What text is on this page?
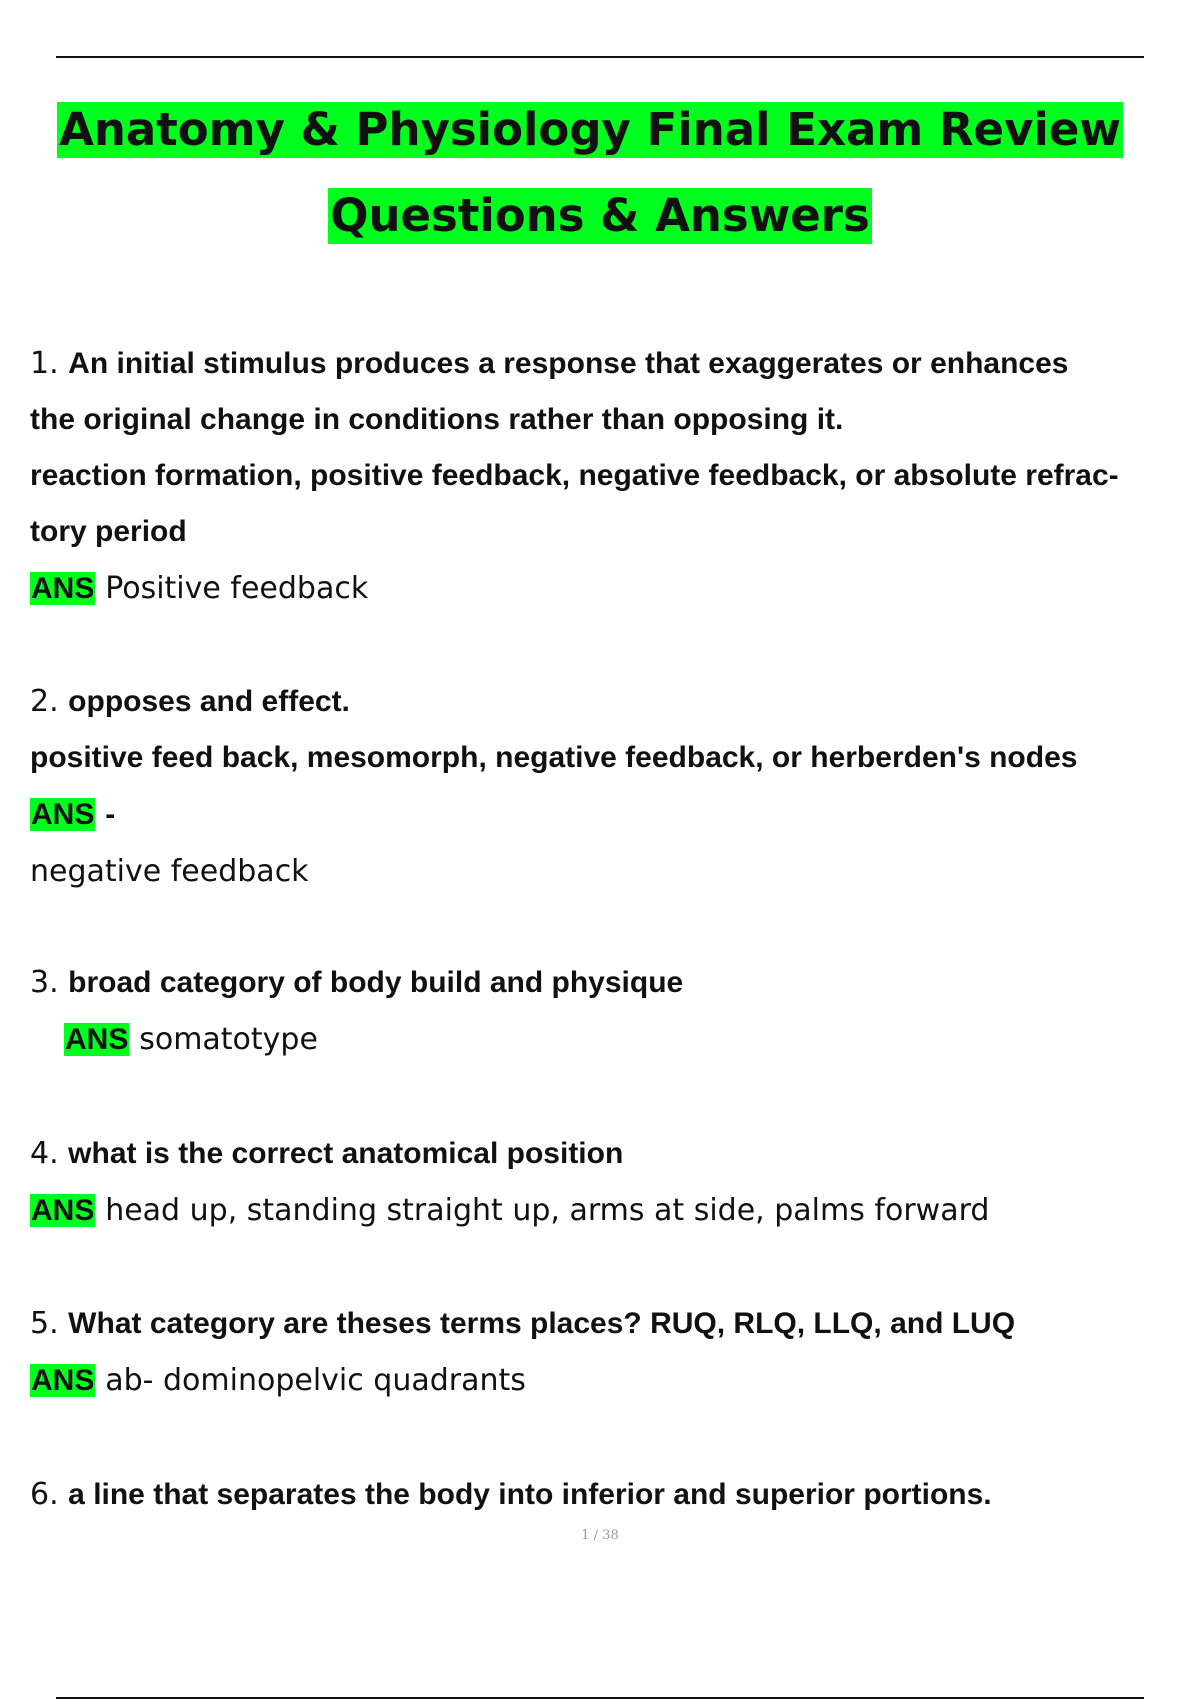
Anatomy & Physiology Final Exam Review
Questions & Answers
1. An initial stimulus produces a response that exaggerates or enhances
the original change in conditions rather than opposing it.
reaction formation, positive feedback, negative feedback, or absolute refrac-
tory period
ANS Positive feedback
2. opposes and effect.
positive feed back, mesomorph, negative feedback, or herberden's nodes
ANS -
negative feedback
3. broad category of body build and physique
ANS somatotype
4. what is the correct anatomical position
ANS head up, standing straight up, arms at side, palms forward
5. What category are theses terms places? RUQ, RLQ, LLQ, and LUQ
ANS ab- dominopelvic quadrants
6. a line that separates the body into inferior and superior portions.
1 / 38
